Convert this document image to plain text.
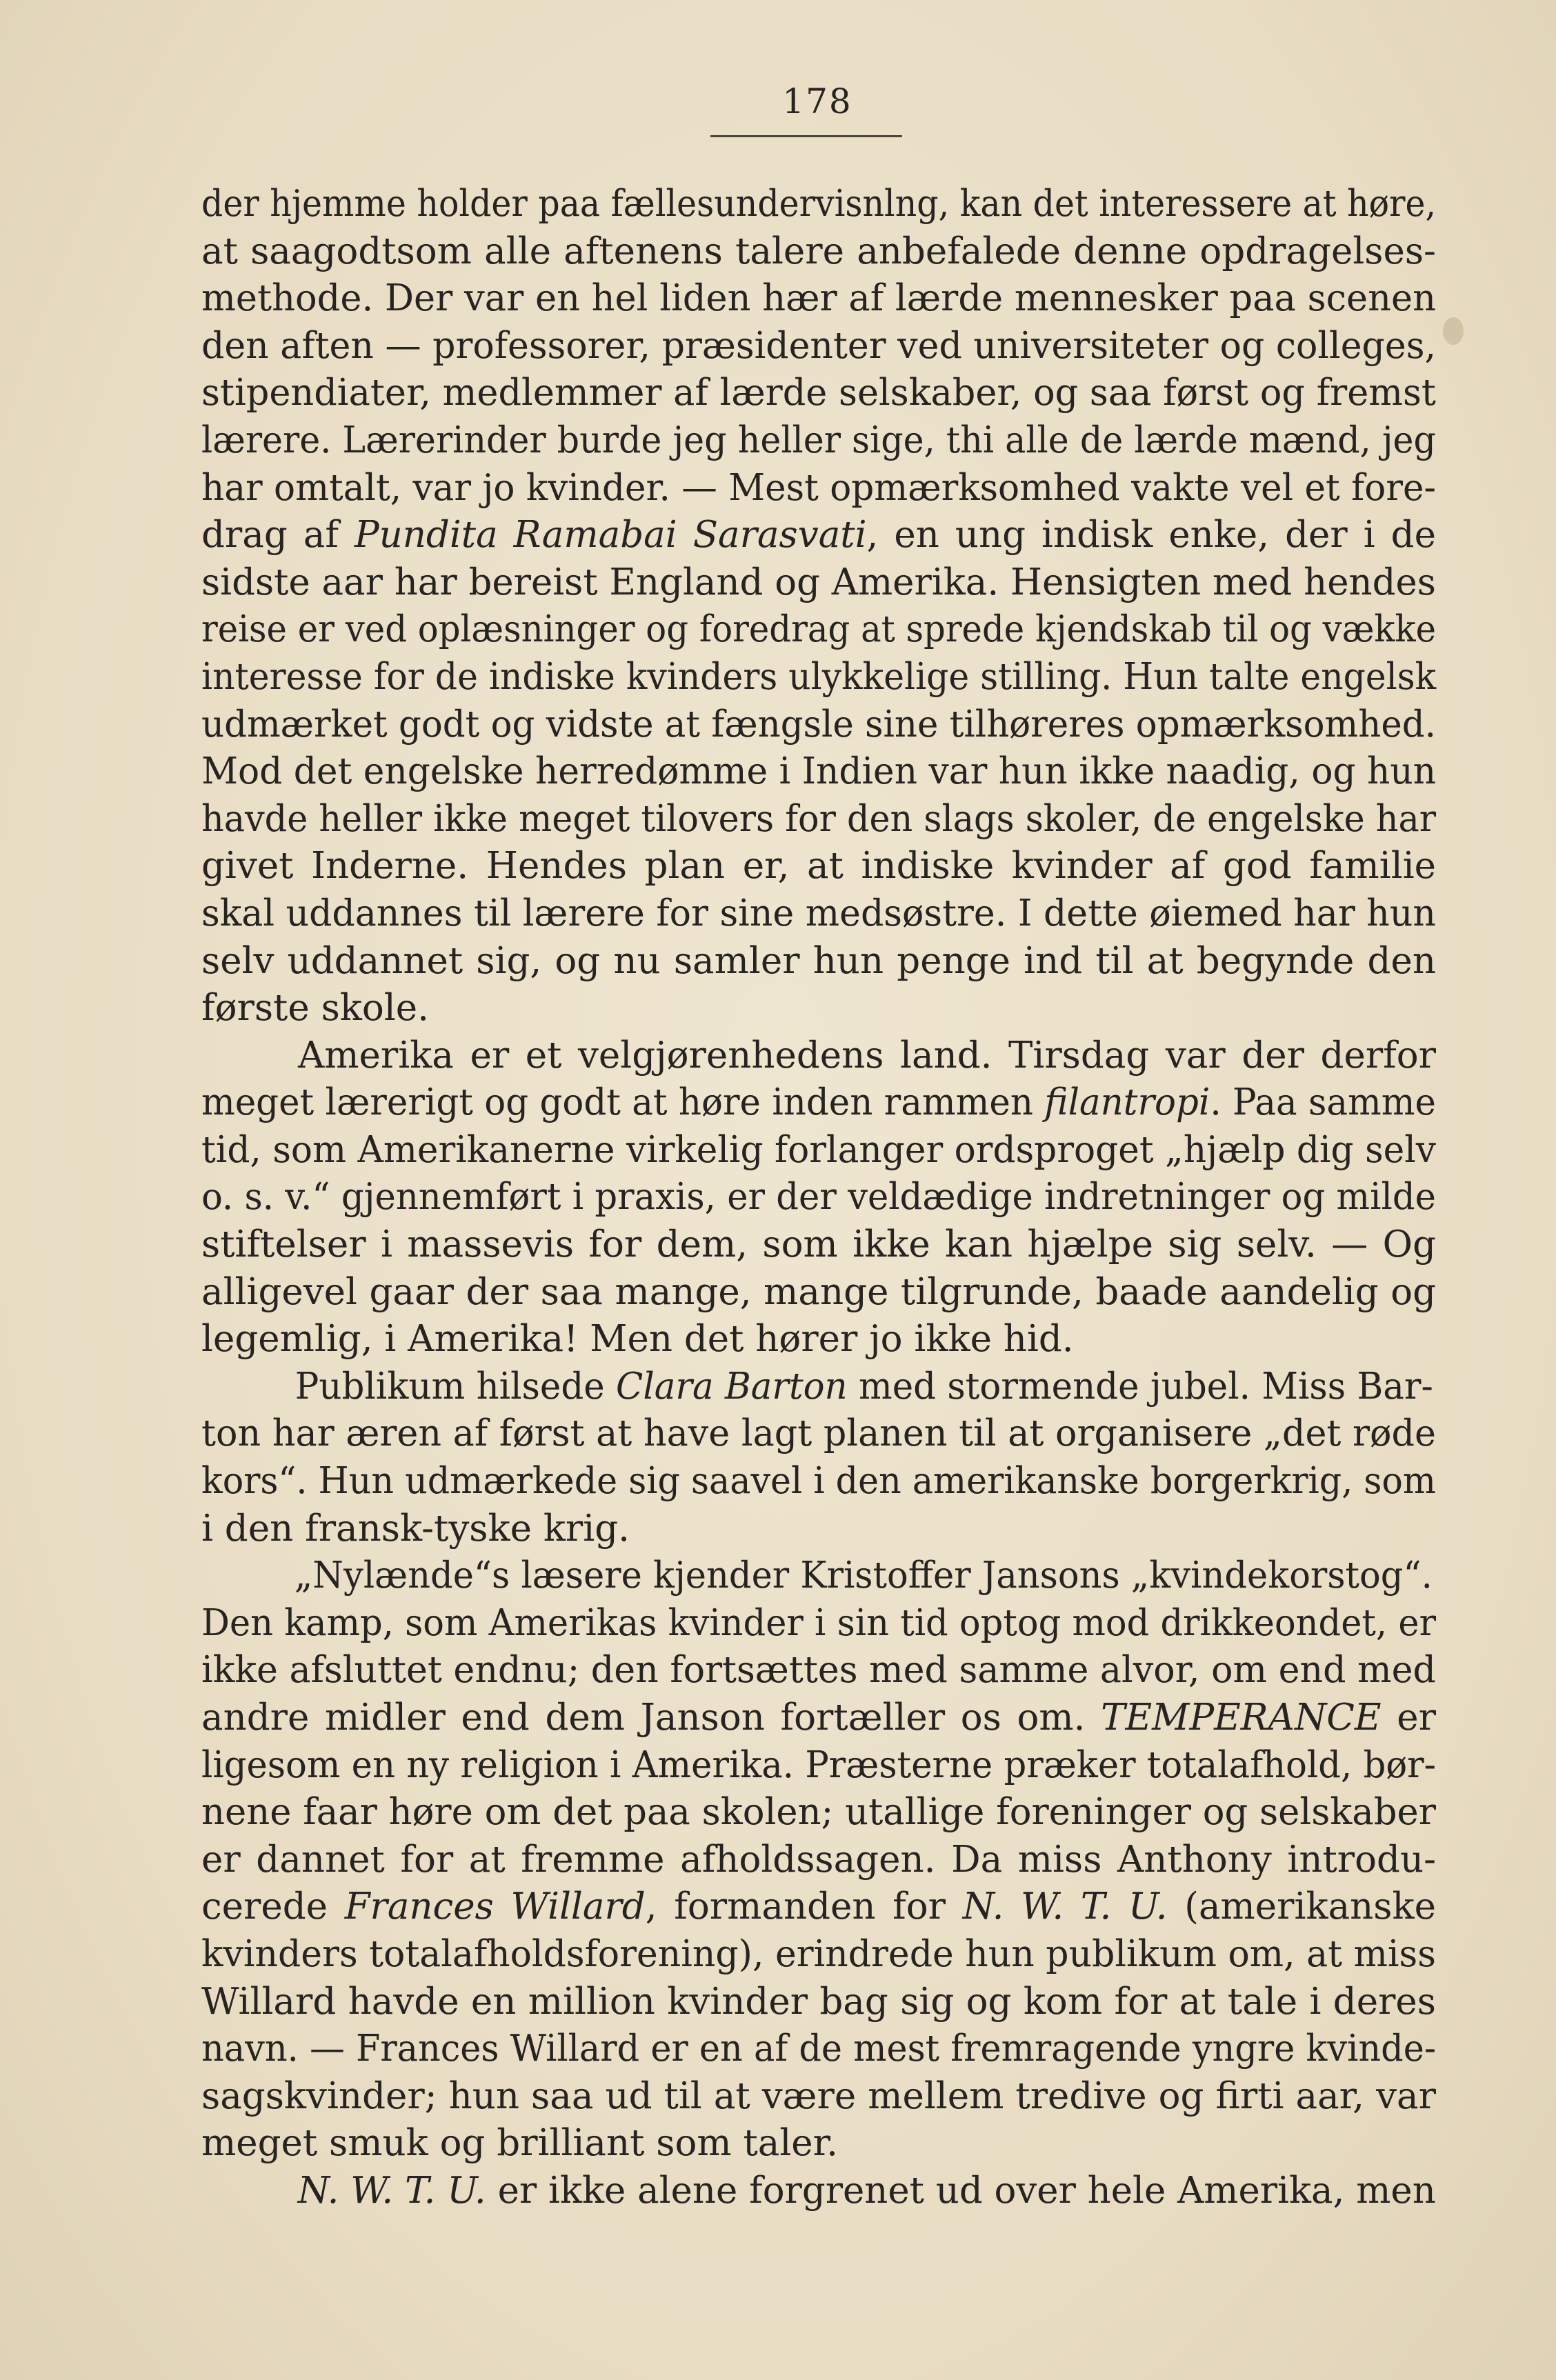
178
der hjemme holder paa fællesundervisnlng, kan det interessere at høre,
at saagodtsom alle aftenens talere anbefalede denne opdragelses-
methode. Der var en hel liden hær af lærde mennesker paa scenen
den aften — professorer, præsidenter ved universiteter og colleges,
stipendiater, medlemmer af lærde selskaber, og saa først og fremst
lærere. Lærerinder burde jeg heller sige, thi alle de lærde mænd, jeg
har omtalt, var jo kvinder. — Mest opmærksomhed vakte vel et fore-
drag af Pundita Ramabai Sarasvati, en ung indisk enke, der i de
sidste aar har bereist England og Amerika. Hensigten med hendes
reise er ved oplæsninger og foredrag at sprede kjendskab til og vække
interesse for de indiske kvinders ulykkelige stilling. Hun talte engelsk
udmærket godt og vidste at fængsle sine tilhøreres opmærksomhed.
Mod det engelske herredømme i Indien var hun ikke naadig, og hun
havde heller ikke meget tilovers for den slags skoler, de engelske har
givet Inderne. Hendes plan er, at indiske kvinder af god familie
skal uddannes til lærere for sine medsøstre. I dette øiemed har hun
selv uddannet sig, og nu samler hun penge ind til at begynde den
første skole.
Amerika er et velgjørenhedens land. Tirsdag var der derfor
meget lærerigt og godt at høre inden rammen filantropi. Paa samme
tid, som Amerikanerne virkelig forlanger ordsproget „hjælp dig selv
o. s. v.“ gjennemført i praxis, er der veldædige indretninger og milde
stiftelser i massevis for dem, som ikke kan hjælpe sig selv. — Og
alligevel gaar der saa mange, mange tilgrunde, baade aandelig og
legemlig, i Amerika! Men det hører jo ikke hid.
Publikum hilsede Clara Barton med stormende jubel. Miss Bar-
ton har æren af først at have lagt planen til at organisere „det røde
kors“. Hun udmærkede sig saavel i den amerikanske borgerkrig, som
i den fransk-tyske krig.
„Nylænde“s læsere kjender Kristoffer Jansons „kvindekorstog“.
Den kamp, som Amerikas kvinder i sin tid optog mod drikkeondet, er
ikke afsluttet endnu; den fortsættes med samme alvor, om end med
andre midler end dem Janson fortæller os om. TEMPERANCE er
ligesom en ny religion i Amerika. Præsterne præker totalafhold, bør-
nene faar høre om det paa skolen; utallige foreninger og selskaber
er dannet for at fremme afholdssagen. Da miss Anthony introdu-
cerede Frances Willard, formanden for N. W. T. U. (amerikanske
kvinders totalafholdsforening), erindrede hun publikum om, at miss
Willard havde en million kvinder bag sig og kom for at tale i deres
navn. — Frances Willard er en af de mest fremragende yngre kvinde-
sagskvinder; hun saa ud til at være mellem tredive og firti aar, var
meget smuk og brilliant som taler.
N. W. T. U. er ikke alene forgrenet ud over hele Amerika, men
